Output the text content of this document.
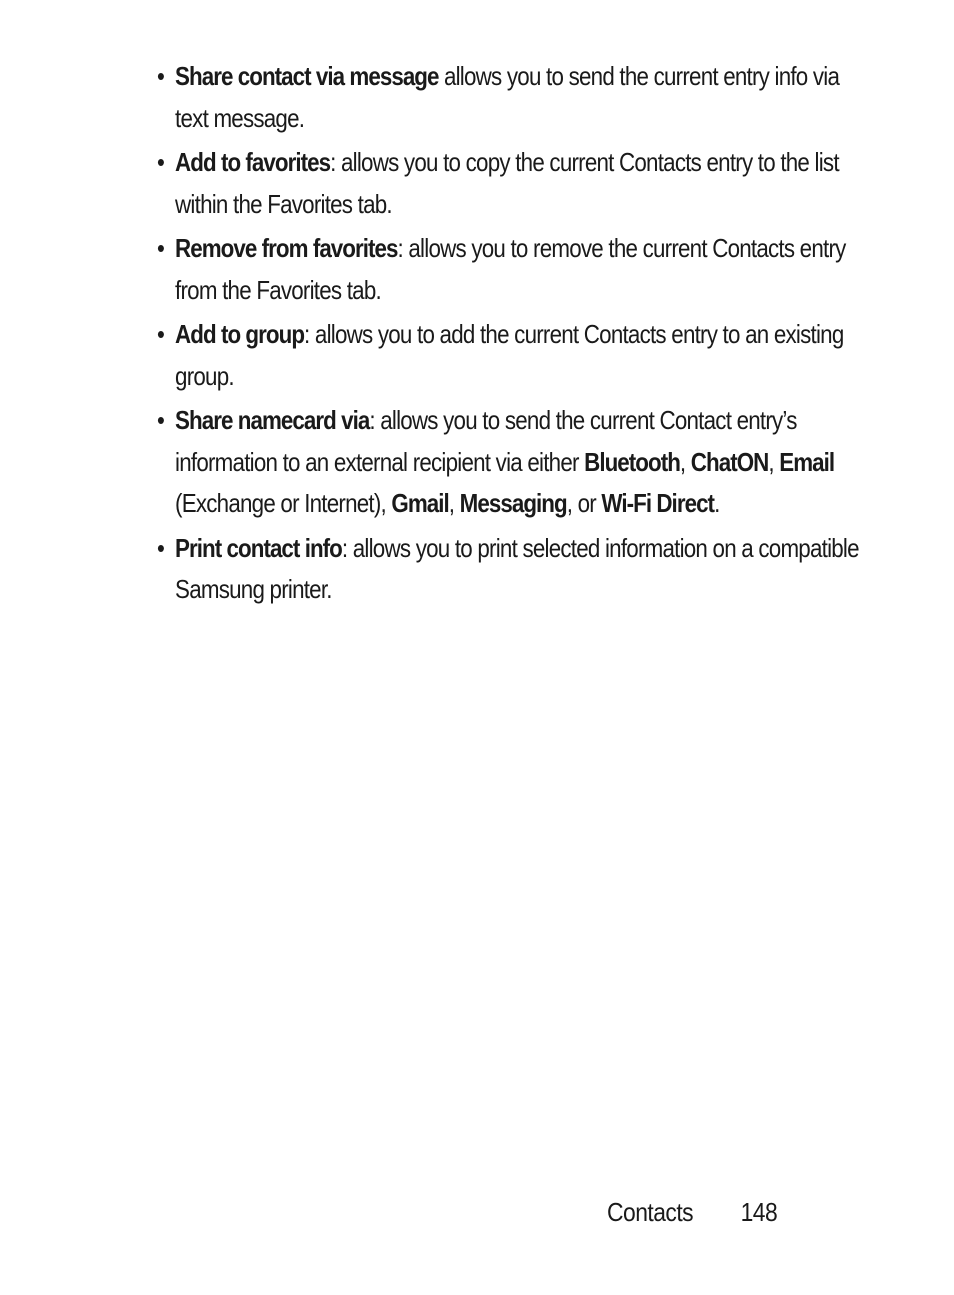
• Share contact via message allows you to send the current entry info via text message.
• Add to favorites: allows you to copy the current Contacts entry to the list within the Favorites tab.
• Remove from favorites: allows you to remove the current Contacts entry from the Favorites tab.
• Add to group: allows you to add the current Contacts entry to an existing group.
• Share namecard via: allows you to send the current Contact entry’s information to an external recipient via either Bluetooth, ChatON, Email (Exchange or Internet), Gmail, Messaging, or Wi-Fi Direct.
• Print contact info: allows you to print selected information on a compatible Samsung printer.
Contacts 148
